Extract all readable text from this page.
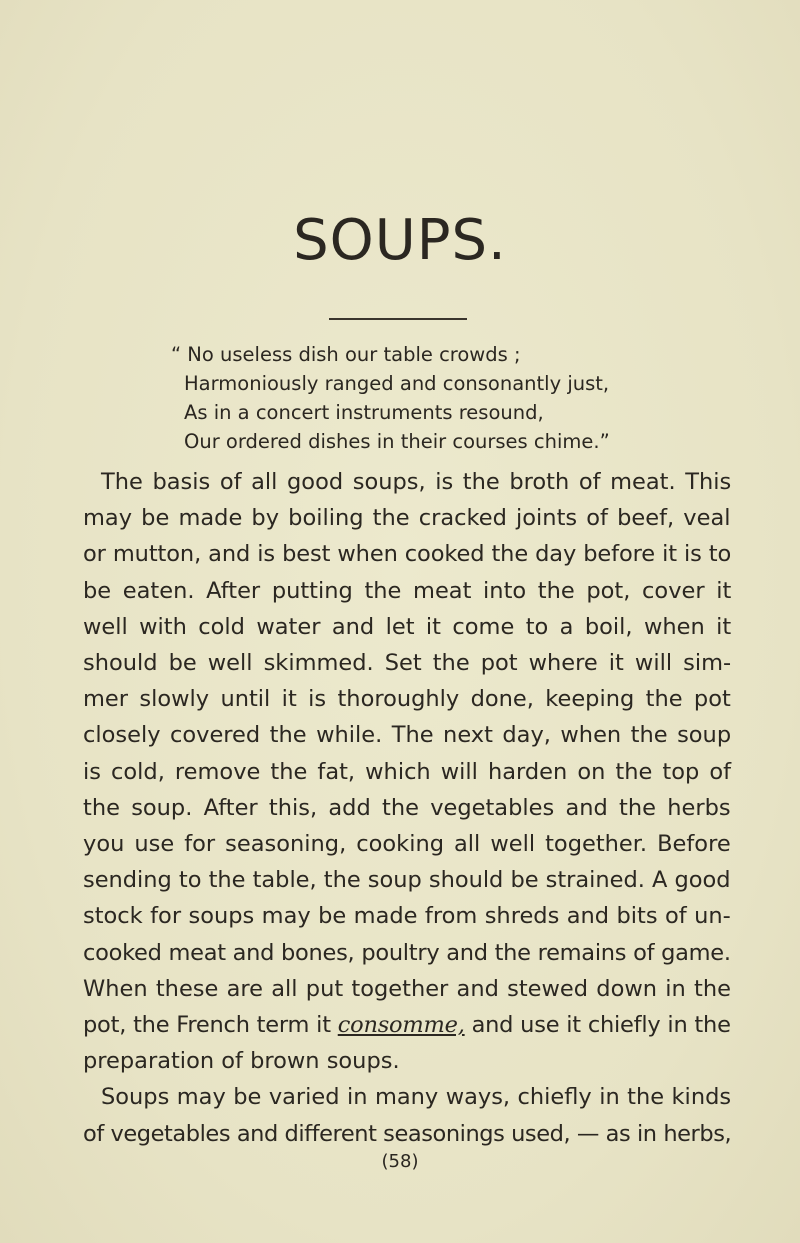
SOUPS.
“ No useless dish our table crowds ;
Harmoniously ranged and consonantly just,
As in a concert instruments resound,
Our ordered dishes in their courses chime.”
The basis of all good soups, is the broth of meat. This
may be made by boiling the cracked joints of beef, veal
or mutton, and is best when cooked the day before it is to
be eaten. After putting the meat into the pot, cover it
well with cold water and let it come to a boil, when it
should be well skimmed. Set the pot where it will sim-
mer slowly until it is thoroughly done, keeping the pot
closely covered the while. The next day, when the soup
is cold, remove the fat, which will harden on the top of
the soup. After this, add the vegetables and the herbs
you use for seasoning, cooking all well together. Before
sending to the table, the soup should be strained. A good
stock for soups may be made from shreds and bits of un-
cooked meat and bones, poultry and the remains of game.
When these are all put together and stewed down in the
pot, the French term it consomme, and use it chiefly in the
preparation of brown soups.
Soups may be varied in many ways, chiefly in the kinds
of vegetables and different seasonings used, — as in herbs,
(58)
